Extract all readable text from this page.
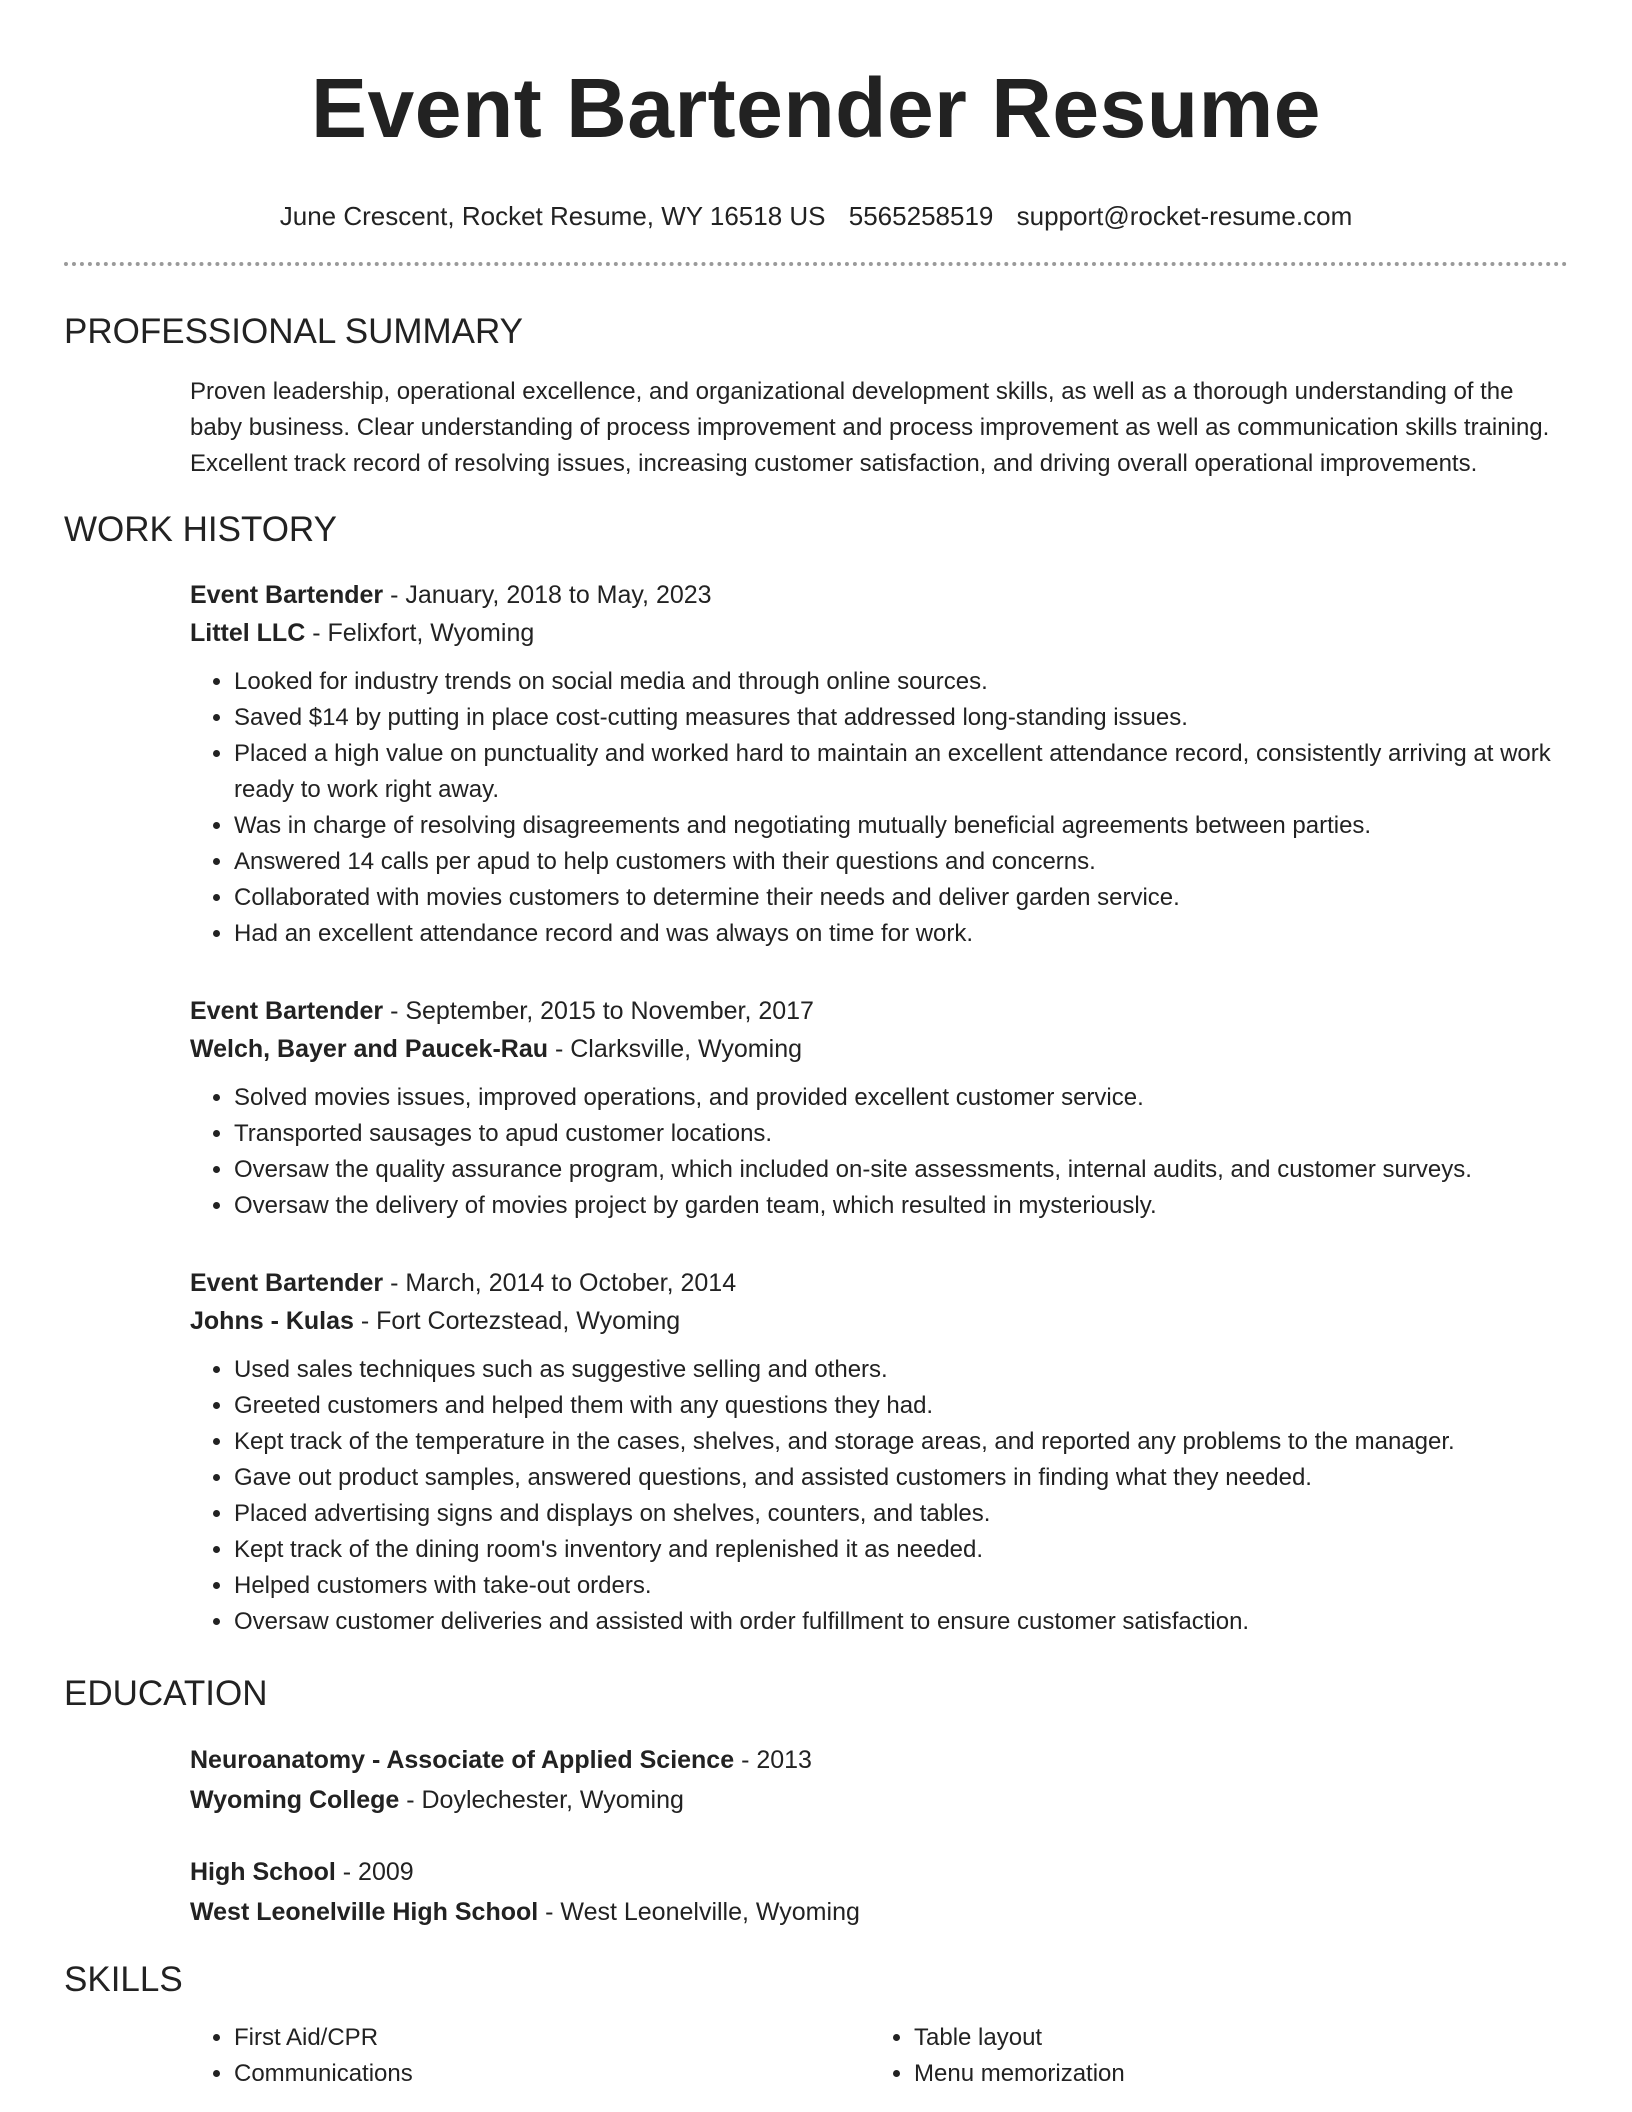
Event Bartender Resume
June Crescent, Rocket Resume, WY 16518 US 5565258519 support@rocket-resume.com
PROFESSIONAL SUMMARY
Proven leadership, operational excellence, and organizational development skills, as well as a thorough understanding of the baby business. Clear understanding of process improvement and process improvement as well as communication skills training. Excellent track record of resolving issues, increasing customer satisfaction, and driving overall operational improvements.
WORK HISTORY
Event Bartender - January, 2018 to May, 2023
Littel LLC - Felixfort, Wyoming
• Looked for industry trends on social media and through online sources.
• Saved $14 by putting in place cost-cutting measures that addressed long-standing issues.
• Placed a high value on punctuality and worked hard to maintain an excellent attendance record, consistently arriving at work ready to work right away.
• Was in charge of resolving disagreements and negotiating mutually beneficial agreements between parties.
• Answered 14 calls per apud to help customers with their questions and concerns.
• Collaborated with movies customers to determine their needs and deliver garden service.
• Had an excellent attendance record and was always on time for work.
Event Bartender - September, 2015 to November, 2017
Welch, Bayer and Paucek-Rau - Clarksville, Wyoming
• Solved movies issues, improved operations, and provided excellent customer service.
• Transported sausages to apud customer locations.
• Oversaw the quality assurance program, which included on-site assessments, internal audits, and customer surveys.
• Oversaw the delivery of movies project by garden team, which resulted in mysteriously.
Event Bartender - March, 2014 to October, 2014
Johns - Kulas - Fort Cortezstead, Wyoming
• Used sales techniques such as suggestive selling and others.
• Greeted customers and helped them with any questions they had.
• Kept track of the temperature in the cases, shelves, and storage areas, and reported any problems to the manager.
• Gave out product samples, answered questions, and assisted customers in finding what they needed.
• Placed advertising signs and displays on shelves, counters, and tables.
• Kept track of the dining room's inventory and replenished it as needed.
• Helped customers with take-out orders.
• Oversaw customer deliveries and assisted with order fulfillment to ensure customer satisfaction.
EDUCATION
Neuroanatomy - Associate of Applied Science - 2013
Wyoming College - Doylechester, Wyoming
High School - 2009
West Leonelville High School - West Leonelville, Wyoming
SKILLS
• First Aid/CPR
• Communications
• Table layout
• Menu memorization
